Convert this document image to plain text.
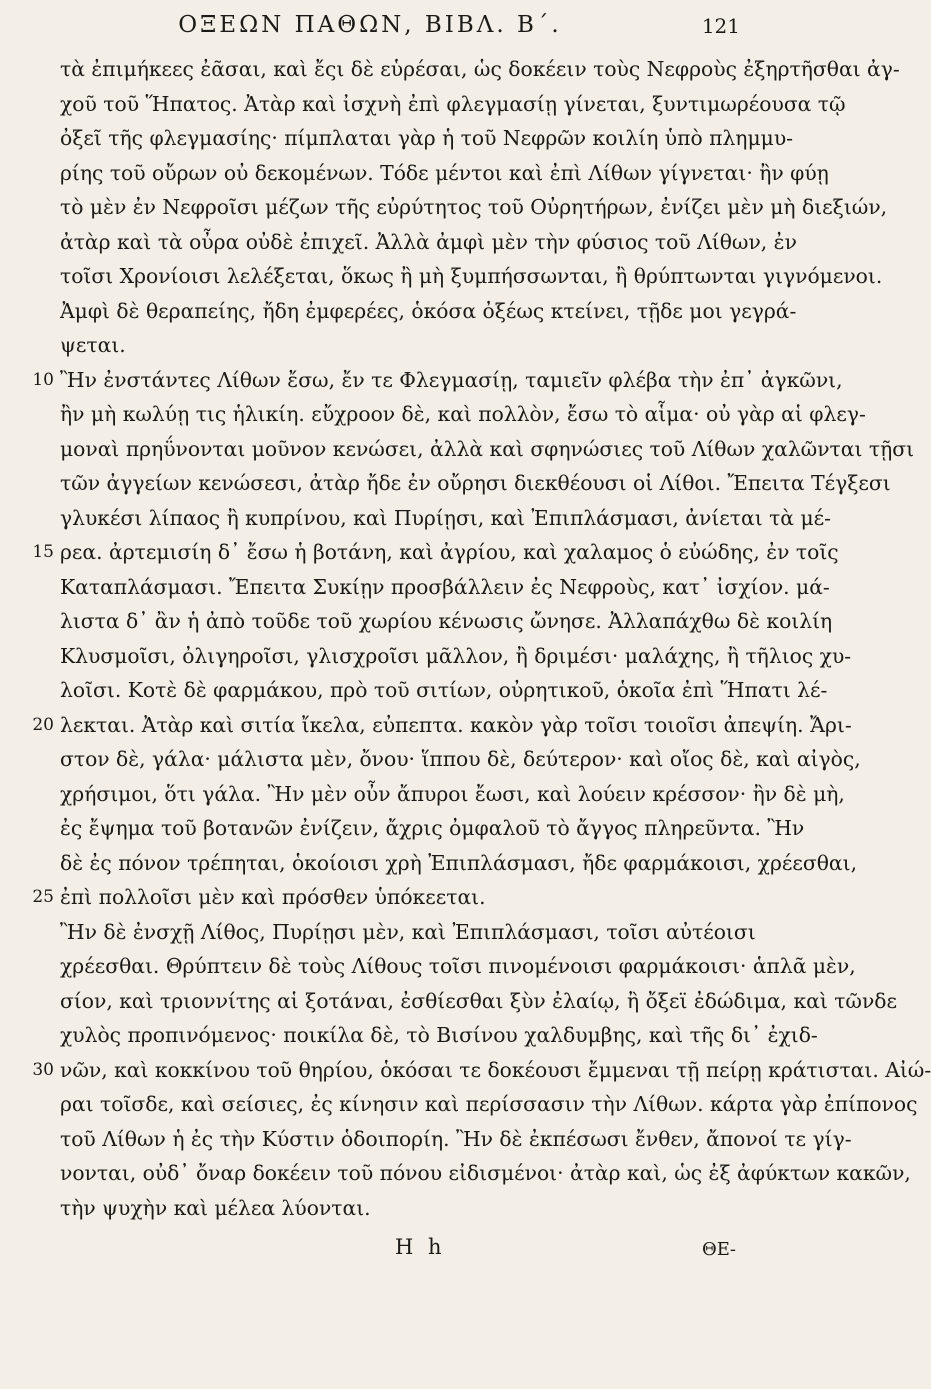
ΟΞΕΩΝ ΠΑΘΩΝ, ΒΙΒΛ. Β΄.	121
τὰ ἐπιμήκεες ἐᾶσαι, καὶ ἔςι δὲ εὑρέσαι, ὡς δοκέειν τοὺς Νεφροὺς ἐξηρτῆσθαι ἀγ-
χοῦ τοῦ Ἥπατος. Ἀτὰρ καὶ ἰσχνὴ ἐπὶ φλεγμασίῃ γίνεται, ξυντιμωρέουσα τῷ
ὀξεῖ τῆς φλεγμασίης· πίμπλαται γὰρ ἡ τοῦ Νεφρῶν κοιλίη ὑπὸ πλημμυ-
ρίης τοῦ οὔρων οὐ δεκομένων. Τόδε μέντοι καὶ ἐπὶ Λίθων γίγνεται· ἢν φύῃ
τὸ μὲν ἐν Νεφροῖσι μέζων τῆς εὐρύτητος τοῦ Οὐρητήρων, ἐνίζει μὲν μὴ διεξιών,
ἀτὰρ καὶ τὰ οὖρα οὐδὲ ἐπιχεῖ. Ἀλλὰ ἀμφὶ μὲν τὴν φύσιος τοῦ Λίθων, ἐν
τοῖσι Χρονίοισι λελέξεται, ὅκως ἢ μὴ ξυμπήσσωνται, ἢ θρύπτωνται γιγνόμενοι.
Ἀμφὶ δὲ θεραπείης, ἤδη ἐμφερέες, ὁκόσα ὀξέως κτείνει, τῇδε μοι γεγρά-
ψεται.
10 Ἢν ἐνστάντες Λίθων ἔσω, ἔν τε Φλεγμασίῃ, ταμιεῖν φλέβα τὴν ἐπ᾽ ἀγκῶνι,
ἢν μὴ κωλύῃ τις ἡλικίη. εὔχροον δὲ, καὶ πολλὸν, ἔσω τὸ αἷμα· οὐ γὰρ αἱ φλεγ-
μοναὶ πρηΰνονται μοῦνον κενώσει, ἀλλὰ καὶ σφηνώσιες τοῦ Λίθων χαλῶνται τῇσι
τῶν ἀγγείων κενώσεσι, ἀτὰρ ἤδε ἐν οὔρησι διεκθέουσι οἱ Λίθοι. Ἔπειτα Τέγξεσι
γλυκέσι λίπαος ἢ κυπρίνου, καὶ Πυρίῃσι, καὶ Ἐπιπλάσμασι, ἀνίεται τὰ μέ-
15 ρεα. ἀρτεμισίη δ᾽ ἔσω ἡ βοτάνη, καὶ ἀγρίου, καὶ χαλαμος ὁ εὐώδης, ἐν τοῖς
Καταπλάσμασι. Ἔπειτα Συκίῃν προσβάλλειν ἐς Νεφροὺς, κατ᾽ ἰσχίον. μά-
λιστα δ᾽ ἂν ἡ ἀπὸ τοῦδε τοῦ χωρίου κένωσις ὤνησε. Ἀλλαπάχθω δὲ κοιλίη
Κλυσμοῖσι, ὀλιγηροῖσι, γλισχροῖσι μᾶλλον, ἢ δριμέσι· μαλάχης, ἢ τῆλιος χυ-
λοῖσι. Κοτὲ δὲ φαρμάκου, πρὸ τοῦ σιτίων, οὐρητικοῦ, ὁκοῖα ἐπὶ Ἥπατι λέ-
20 λεκται. Ἀτὰρ καὶ σιτία ἴκελα, εὐπεπτα. κακὸν γὰρ τοῖσι τοιοῖσι ἀπεψίη. Ἄρι-
στον δὲ, γάλα· μάλιστα μὲν, ὄνου· ἵππου δὲ, δεύτερον· καὶ οἴος δὲ, καὶ αἰγὸς,
χρήσιμοι, ὅτι γάλα. Ἢν μὲν οὖν ἄπυροι ἔωσι, καὶ λούειν κρέσσον· ἢν δὲ μὴ,
ἐς ἔψημα τοῦ βοτανῶν ἐνίζειν, ἄχρις ὀμφαλοῦ τὸ ἄγγος πληρεῦντα. Ἢν
δὲ ἐς πόνον τρέπηται, ὁκοίοισι χρὴ Ἐπιπλάσμασι, ἤδε φαρμάκοισι, χρέεσθαι,
25 ἐπὶ πολλοῖσι μὲν καὶ πρόσθεν ὑπόκεεται.
Ἢν δὲ ἐνσχῇ Λίθος, Πυρίῃσι μὲν, καὶ Ἐπιπλάσμασι, τοῖσι αὐτέοισι
χρέεσθαι. Θρύπτειν δὲ τοὺς Λίθους τοῖσι πινομένοισι φαρμάκοισι· ἁπλᾶ μὲν,
σίον, καὶ τριοννίτης αἱ ξοτάναι, ἐσθίεσθαι ξὺν ἐλαίῳ, ἢ ὄξεϊ ἐδώδιμα, καὶ τῶνδε
χυλὸς προπινόμενος· ποικίλα δὲ, τὸ Βισίνου χαλδυμβης, καὶ τῆς δι᾽ ἐχιδ-
30 νῶν, καὶ κοκκίνου τοῦ θηρίου, ὁκόσαι τε δοκέουσι ἔμμεναι τῇ πείρῃ κράτισται. Αἰώ-
ραι τοῖσδε, καὶ σείσιες, ἐς κίνησιν καὶ περίσσασιν τὴν Λίθων. κάρτα γὰρ ἐπίπονος
τοῦ Λίθων ἡ ἐς τὴν Κύστιν ὁδοιπορίη. Ἢν δὲ ἐκπέσωσι ἔνθεν, ἄπονοί τε γίγ-
νονται, οὐδ᾽ ὄναρ δοκέειν τοῦ πόνου εἰδισμένοι· ἀτὰρ καὶ, ὡς ἐξ ἀφύκτων κακῶν,
τὴν ψυχὴν καὶ μέλεα λύονται.
H h	ΘΕ-
